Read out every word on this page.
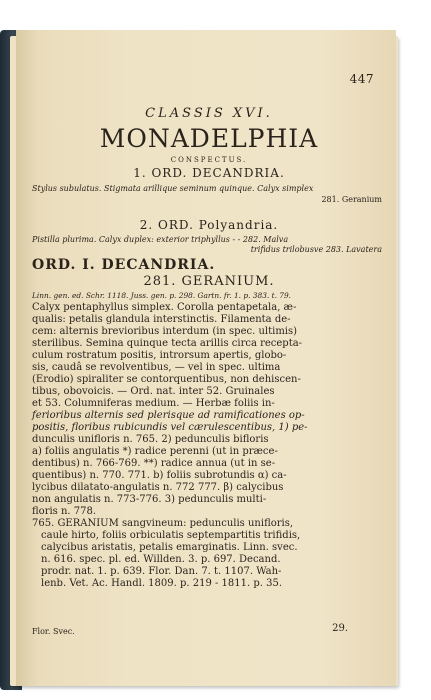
447
CLASSIS XVI.
MONADELPHIA
CONSPECTUS.
1. ORD. DECANDRIA.
Stylus subulatus. Stigmata arillique seminum quinque. Calyx simplex
281. Geranium
2. ORD. Polyandria.
Pistilla plurima. Calyx duplex: exterior triphyllus - - 282. Malva
trifidus trilobusve 283. Lavatera
ORD. I. DECANDRIA.
281. GERANIUM.
Linn. gen. ed. Schr. 1118. Juss. gen. p. 298. Gartn. fr. 1. p. 383. t. 79.
Calyx pentaphyllus simplex. Corolla pentapetala, æ-
qualis: petalis glandula interstinctis. Filamenta de-
cem: alternis brevioribus interdum (in spec. ultimis)
sterilibus. Semina quinque tecta arillis circa recepta-
culum rostratum positis, introrsum apertis, globo-
sis, caudâ se revolventibus, — vel in spec. ultima
(Erodio) spiraliter se contorquentibus, non dehiscen-
tibus, obovoicis. — Ord. nat. inter 52. Gruinales
et 53. Columniferas medium. — Herbæ foliis in-
ferioribus alternis sed plerisque ad ramificationes op-
positis, floribus rubicundis vel cærulescentibus, 1) pe-
dunculis unifloris n. 765. 2) pedunculis bifloris
a) foliis angulatis *) radice perenni (ut in præce-
dentibus) n. 766-769. **) radice annua (ut in se-
quentibus) n. 770. 771. b) foliis subrotundis α) ca-
lycibus dilatato-angulatis n. 772 777. β) calycibus
non angulatis n. 773-776. 3) pedunculis multi-
floris n. 778.
765. GERANIUM sangvineum: pedunculis unifloris,
caule hirto, foliis orbiculatis septempartitis trifidis,
calycibus aristatis, petalis emarginatis. Linn. svec.
n. 616. spec. pl. ed. Willden. 3. p. 697. Decand.
prodr. nat. 1. p. 639. Flor. Dan. 7. t. 1107. Wah-
lenb. Vet. Ac. Handl. 1809. p. 219 - 1811. p. 35.
Flor. Svec.	29.
